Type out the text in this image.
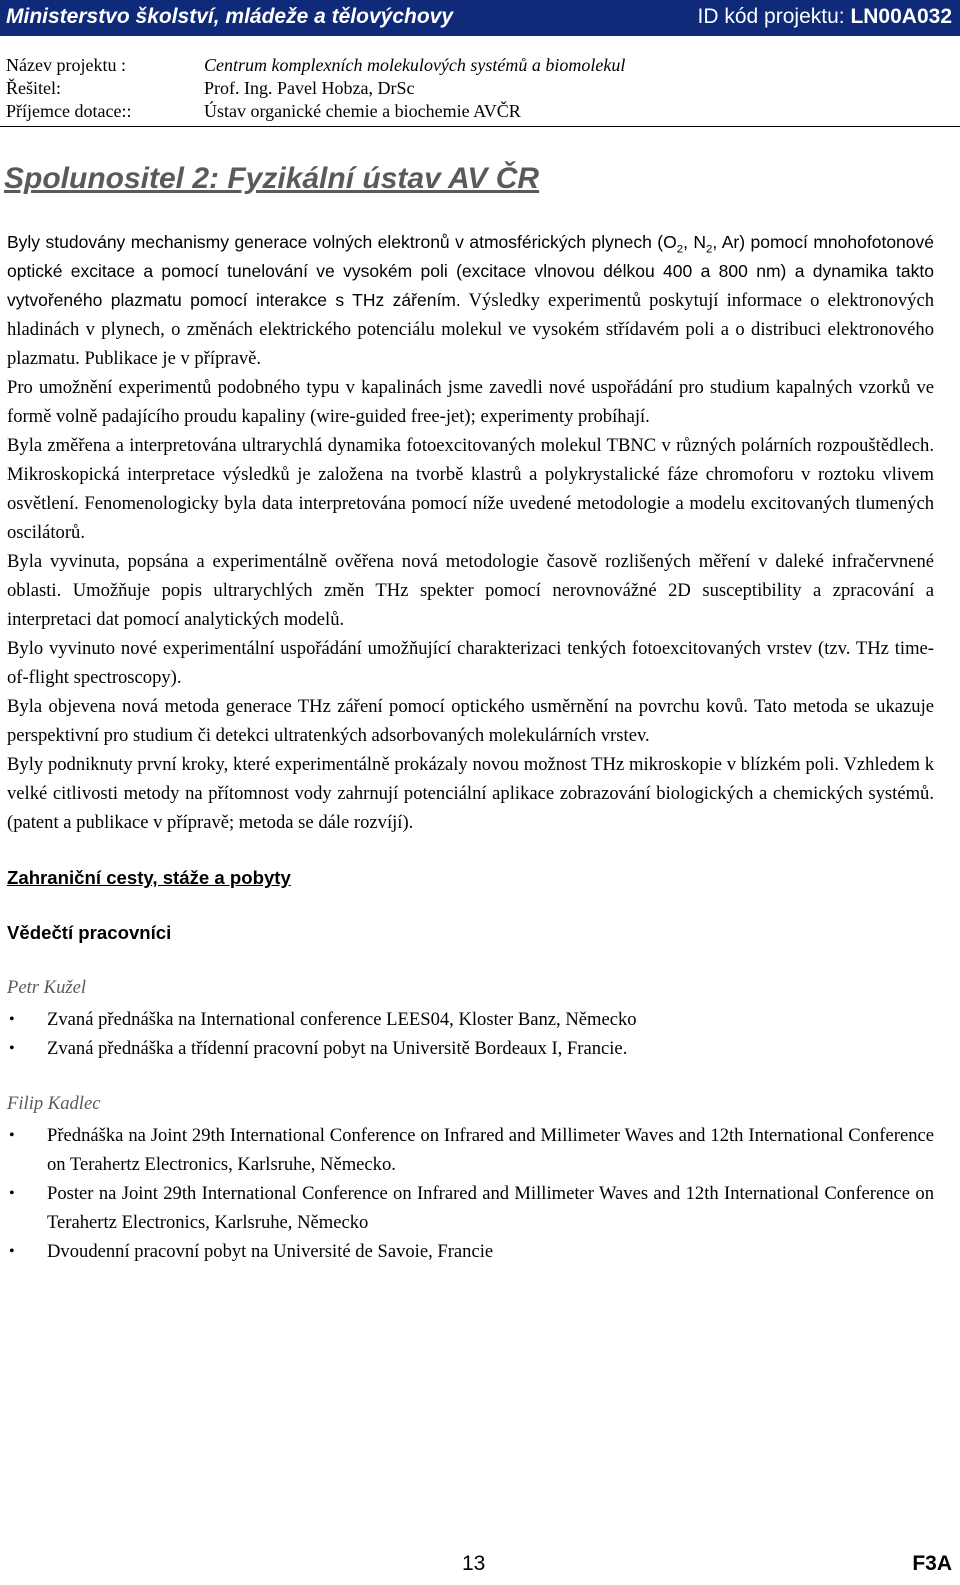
Ministerstvo školství, mládeže a tělovýchovy	ID kód projektu: LN00A032
Název projektu :	Centrum komplexních molekulových systémů a biomolekul
Řešitel:	Prof. Ing. Pavel Hobza, DrSc
Příjemce dotace::	Ústav organické chemie a biochemie AVČR
Spolunositel 2: Fyzikální ústav AV ČR

Byly studovány mechanismy generace volných elektronů v atmosférických plynech ($O_2$, $N_2$, Ar) pomocí mnohofotonové optické excitace a pomocí tunelování ve vysokém poli (excitace vlnovou délkou 400 a 800 nm) a dynamika takto vytvořeného plazmatu pomocí interakce s THz zářením. Výsledky experimentů poskytují informace o elektronových hladinách v plynech, o změnách elektrického potenciálu molekul ve vysokém střídavém poli a o distribuci elektronového plazmatu. Publikace je v přípravě.

Pro umožnění experimentů podobného typu v kapalinách jsme zavedli nové uspořádání pro studium kapalných vzorků ve formě volně padajícího proudu kapaliny (wire-guided free-jet); experimenty probíhají.

Byla změřena a interpretována ultrarychlá dynamika fotoexcitovaných molekul TBNC v různých polárních rozpouštědlech. Mikroskopická interpretace výsledků je založena na tvorbě klastrů a polykrystalické fáze chromoforu v roztoku vlivem osvětlení. Fenomenologicky byla data interpretována pomocí níže uvedené metodologie a modelu excitovaných tlumených oscilátorů.

Byla vyvinuta, popsána a experimentálně ověřena nová metodologie časově rozlišených měření v daleké infračervnené oblasti. Umožňuje popis ultrarychlých změn THz spekter pomocí nerovnovážné 2D susceptibility a zpracování a interpretaci dat pomocí analytických modelů.

Bylo vyvinuto nové experimentální uspořádání umožňující charakterizaci tenkých fotoexcitovaných vrstev (tzv. THz time-of-flight spectroscopy).

Byla objevena nová metoda generace THz záření pomocí optického usměrnění na povrchu kovů. Tato metoda se ukazuje perspektivní pro studium či detekci ultratenkých adsorbovaných molekulárních vrstev.

Byly podniknuty první kroky, které experimentálně prokázaly novou možnost THz mikroskopie v blízkém poli. Vzhledem k velké citlivosti metody na přítomnost vody zahrnují potenciální aplikace zobrazování biologických a chemických systémů. (patent a publikace v přípravě; metoda se dále rozvíjí).

Zahraniční cesty, stáže a pobyty
Vědečtí pracovníci
Petr Kužel
• Zvaná přednáška na International conference LEES04, Kloster Banz, Německo
• Zvaná přednáška a třídenní pracovní pobyt na Universitě Bordeaux I, Francie.
Filip Kadlec
• Přednáška na Joint 29th International Conference on Infrared and Millimeter Waves and 12th International Conference on Terahertz Electronics, Karlsruhe, Německo.
• Poster na Joint 29th International Conference on Infrared and Millimeter Waves and 12th International Conference on Terahertz Electronics, Karlsruhe, Německo
• Dvoudenní pracovní pobyt na Université de Savoie, Francie
13	F3A
